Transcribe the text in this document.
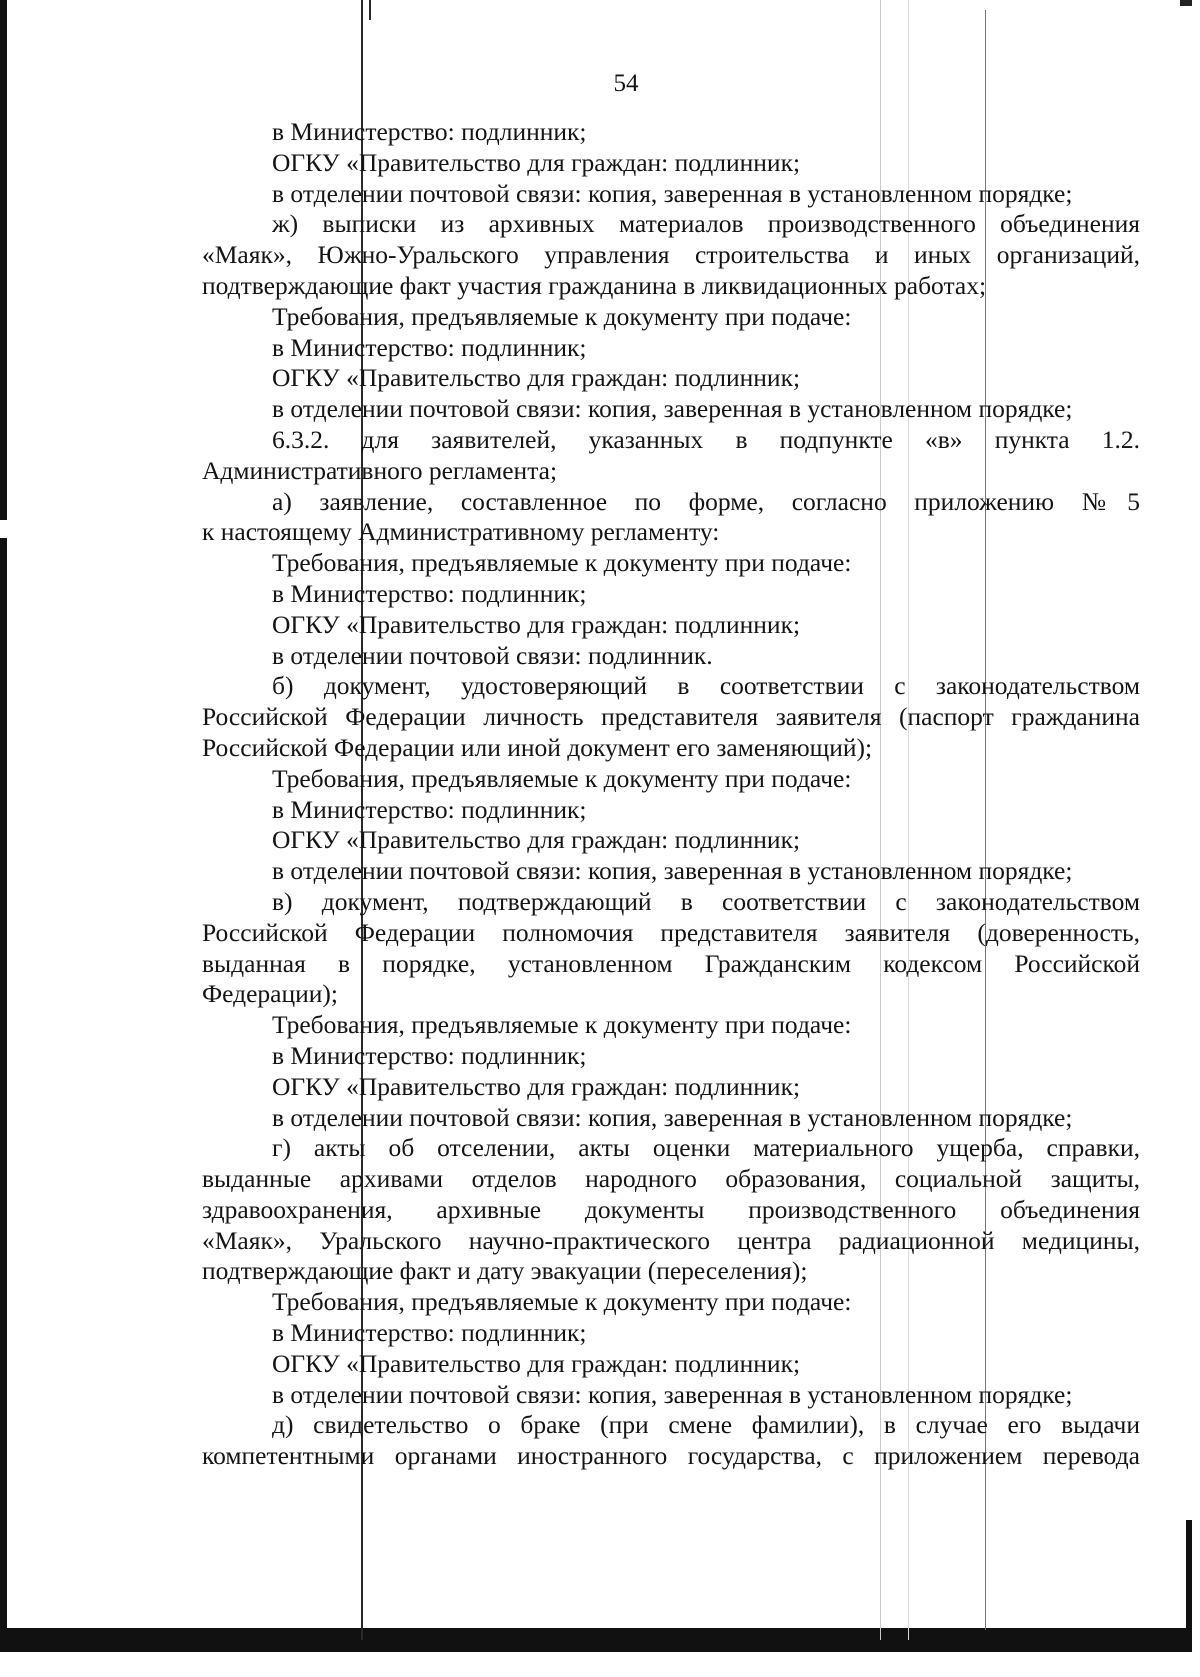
54
в Министерство: подлинник;
ОГКУ «Правительство для граждан: подлинник;
в отделении почтовой связи: копия, заверенная в установленном порядке;
ж) выписки из архивных материалов производственного объединения
«Маяк», Южно-Уральского управления строительства и иных организаций,
подтверждающие факт участия гражданина в ликвидационных работах;
Требования, предъявляемые к документу при подаче:
в Министерство: подлинник;
ОГКУ «Правительство для граждан: подлинник;
в отделении почтовой связи: копия, заверенная в установленном порядке;
6.3.2. для заявителей, указанных в подпункте «в» пункта 1.2.
Административного регламента;
а) заявление, составленное по форме, согласно приложению №5
к настоящему Административному регламенту:
Требования, предъявляемые к документу при подаче:
в Министерство: подлинник;
ОГКУ «Правительство для граждан: подлинник;
в отделении почтовой связи: подлинник.
б) документ, удостоверяющий в соответствии с законодательством
Российской Федерации личность представителя заявителя (паспорт гражданина
Российской Федерации или иной документ его заменяющий);
Требования, предъявляемые к документу при подаче:
в Министерство: подлинник;
ОГКУ «Правительство для граждан: подлинник;
в отделении почтовой связи: копия, заверенная в установленном порядке;
в) документ, подтверждающий в соответствии с законодательством
Российской Федерации полномочия представителя заявителя (доверенность,
выданная в порядке, установленном Гражданским кодексом Российской
Федерации);
Требования, предъявляемые к документу при подаче:
в Министерство: подлинник;
ОГКУ «Правительство для граждан: подлинник;
в отделении почтовой связи: копия, заверенная в установленном порядке;
г) акты об отселении, акты оценки материального ущерба, справки,
выданные архивами отделов народного образования, социальной защиты,
здравоохранения, архивные документы производственного объединения
«Маяк», Уральского научно-практического центра радиационной медицины,
подтверждающие факт и дату эвакуации (переселения);
Требования, предъявляемые к документу при подаче:
в Министерство: подлинник;
ОГКУ «Правительство для граждан: подлинник;
в отделении почтовой связи: копия, заверенная в установленном порядке;
д) свидетельство о браке (при смене фамилии), в случае его выдачи
компетентными органами иностранного государства, с приложением перевода
